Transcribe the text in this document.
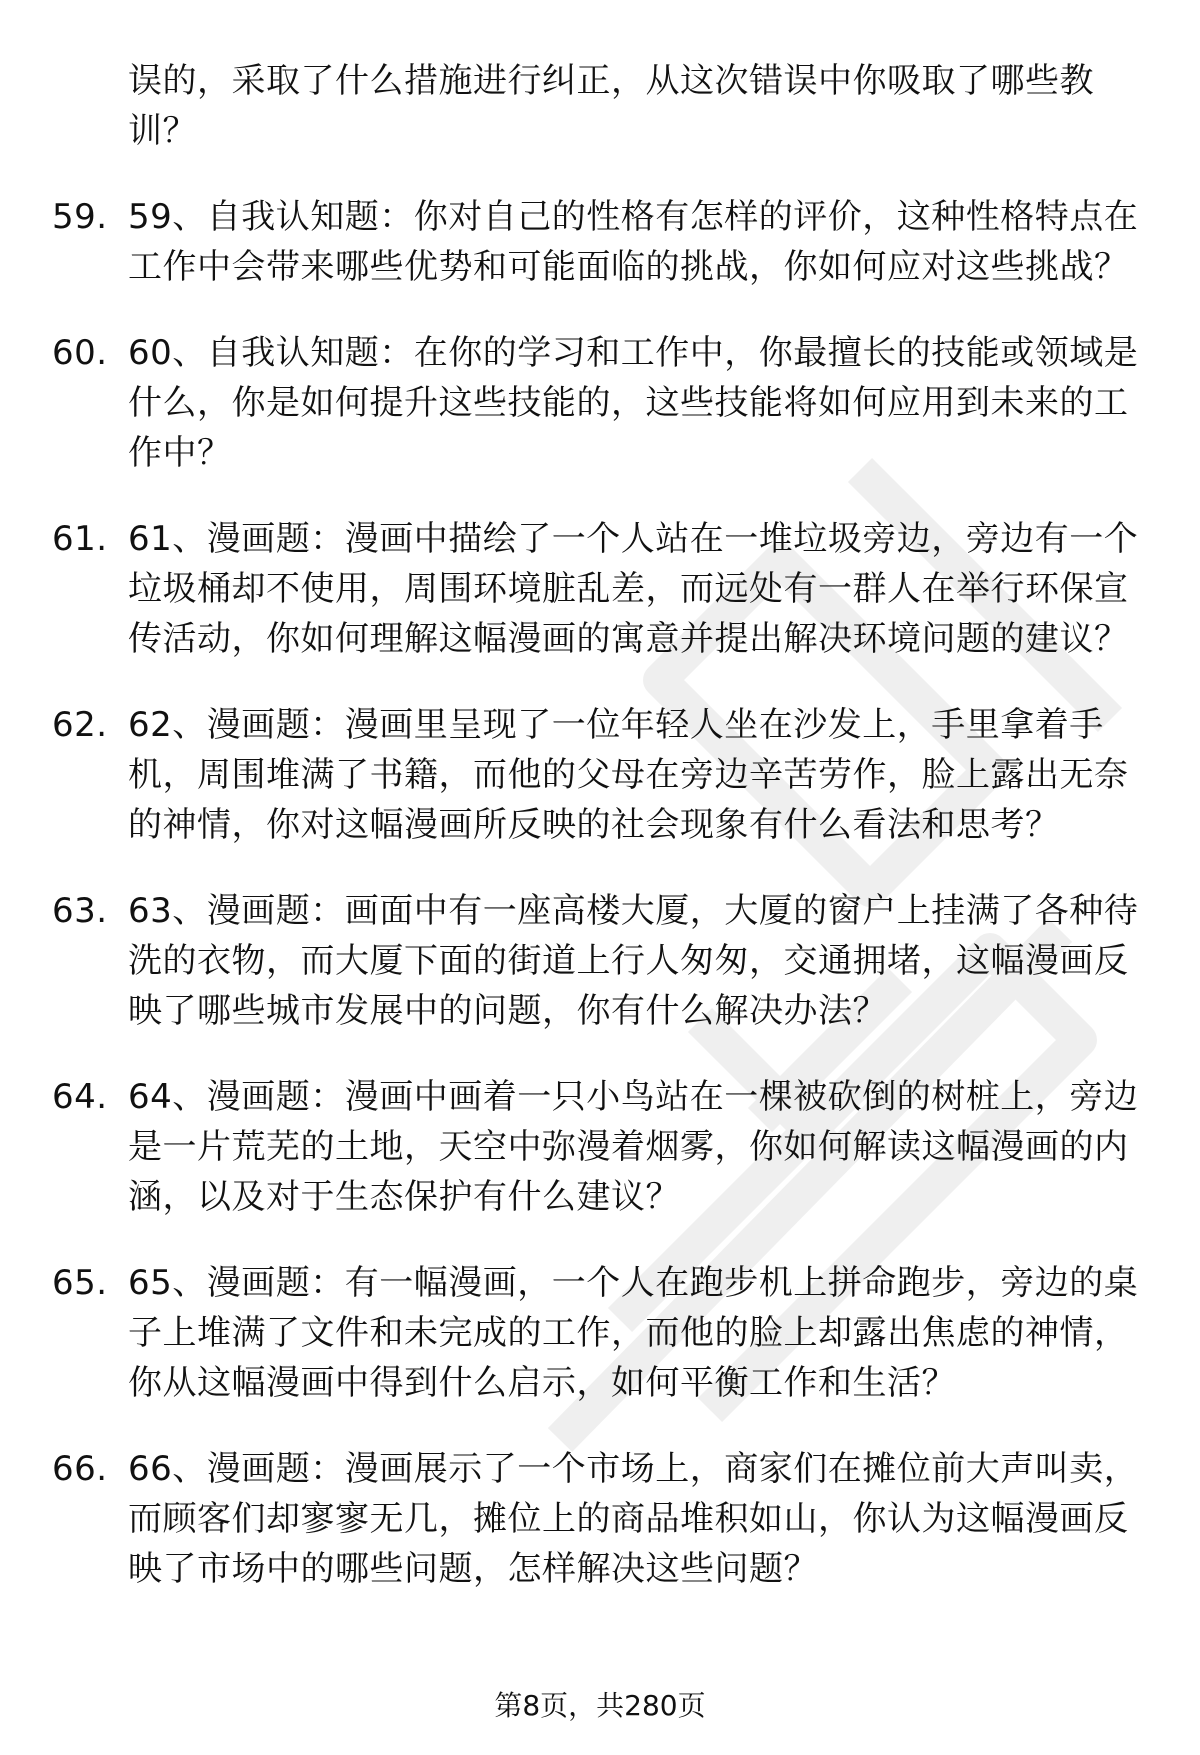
误的，采取了什么措施进行纠正，从这次错误中你吸取了哪些教训？
59. 59、自我认知题：你对自己的性格有怎样的评价，这种性格特点在工作中会带来哪些优势和可能面临的挑战，你如何应对这些挑战？
60. 60、自我认知题：在你的学习和工作中，你最擅长的技能或领域是什么，你是如何提升这些技能的，这些技能将如何应用到未来的工作中？
61. 61、漫画题：漫画中描绘了一个人站在一堆垃圾旁边，旁边有一个垃圾桶却不使用，周围环境脏乱差，而远处有一群人在举行环保宣传活动，你如何理解这幅漫画的寓意并提出解决环境问题的建议？
62. 62、漫画题：漫画里呈现了一位年轻人坐在沙发上，手里拿着手机，周围堆满了书籍，而他的父母在旁边辛苦劳作，脸上露出无奈的神情，你对这幅漫画所反映的社会现象有什么看法和思考？
63. 63、漫画题：画面中有一座高楼大厦，大厦的窗户上挂满了各种待洗的衣物，而大厦下面的街道上行人匆匆，交通拥堵，这幅漫画反映了哪些城市发展中的问题，你有什么解决办法？
64. 64、漫画题：漫画中画着一只小鸟站在一棵被砍倒的树桩上，旁边是一片荒芜的土地，天空中弥漫着烟雾，你如何解读这幅漫画的内涵，以及对于生态保护有什么建议？
65. 65、漫画题：有一幅漫画，一个人在跑步机上拼命跑步，旁边的桌子上堆满了文件和未完成的工作，而他的脸上却露出焦虑的神情，你从这幅漫画中得到什么启示，如何平衡工作和生活？
66. 66、漫画题：漫画展示了一个市场上，商家们在摊位前大声叫卖，而顾客们却寥寥无几，摊位上的商品堆积如山，你认为这幅漫画反映了市场中的哪些问题，怎样解决这些问题？
第8页，共280页
